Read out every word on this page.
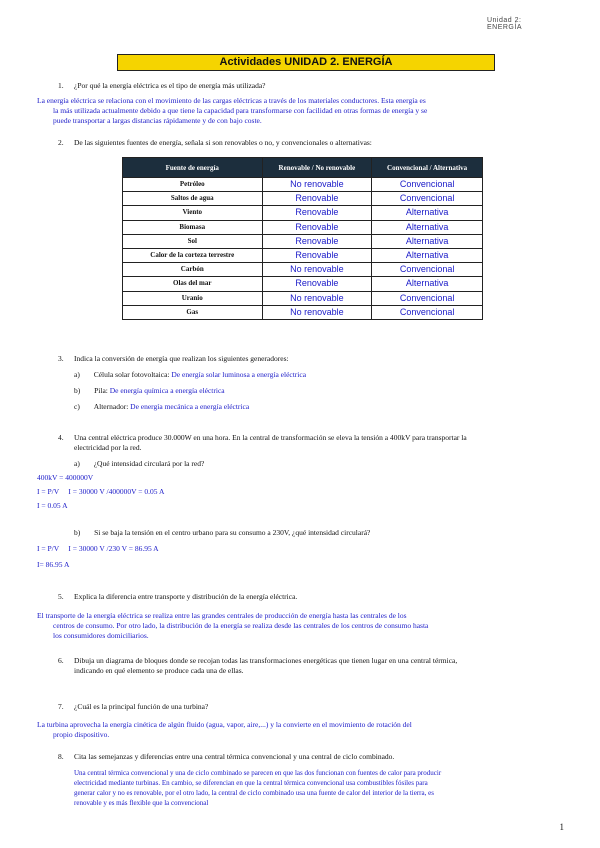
Unidad 2:
ENERGÍA
Actividades UNIDAD 2. ENERGÍA
1. ¿Por qué la energía eléctrica es el tipo de energía más utilizada?
La energía eléctrica se relaciona con el movimiento de las cargas eléctricas a través de los materiales conductores. Esta energía es
la más utilizada actualmente debido a que tiene la capacidad para transformarse con facilidad en otras formas de energía y se
puede transportar a largas distancias rápidamente y de con bajo coste.
2. De las siguientes fuentes de energía, señala si son renovables o no, y convencionales o alternativas:
Fuente de energía	Renovable / No renovable	Convencional / Alternativa
Petróleo	No renovable	Convencional
Saltos de agua	Renovable	Convencional
Viento	Renovable	Alternativa
Biomasa	Renovable	Alternativa
Sol	Renovable	Alternativa
Calor de la corteza terrestre	Renovable	Alternativa
Carbón	No renovable	Convencional
Olas del mar	Renovable	Alternativa
Uranio	No renovable	Convencional
Gas	No renovable	Convencional
3. Indica la conversión de energía que realizan los siguientes generadores:
a) Célula solar fotovoltaica: De energía solar luminosa a energía eléctrica
b) Pila: De energía química a energía eléctrica
c) Alternador: De energía mecánica a energía eléctrica
4. Una central eléctrica produce 30.000W en una hora. En la central de transformación se eleva la tensión a 400kV para transportar la
electricidad por la red.
a) ¿Qué intensidad circulará por la red?
400kV = 400000V
I = P/V     I = 30000 V /400000V = 0.05 A
I = 0.05 A
b) Si se baja la tensión en el centro urbano para su consumo a 230V, ¿qué intensidad circulará?
I = P/V     I = 30000 V /230 V = 86.95 A
I= 86.95 A
5. Explica la diferencia entre transporte y distribución de la energía eléctrica.
El transporte de la energía eléctrica se realiza entre las grandes centrales de producción de energía hasta las centrales de los
centros de consumo. Por otro lado, la distribución de la energía se realiza desde las centrales de los centros de consumo hasta
los consumidores domiciliarios.
6. Dibuja un diagrama de bloques donde se recojan todas las transformaciones energéticas que tienen lugar en una central térmica,
indicando en qué elemento se produce cada una de ellas.
7. ¿Cuál es la principal función de una turbina?
La turbina aprovecha la energía cinética de algún fluido (agua, vapor, aire,...) y la convierte en el movimiento de rotación del
propio dispositivo.
8. Cita las semejanzas y diferencias entre una central térmica convencional y una central de ciclo combinado.
Una central térmica convencional y una de ciclo combinado se parecen en que las dos funcionan con fuentes de calor para producir
electricidad mediante turbinas. En cambio, se diferencian en que la central térmica convencional usa combustibles fósiles para
generar calor y no es renovable, por el otro lado, la central de ciclo combinado usa una fuente de calor del interior de la tierra, es
renovable y es más flexible que la convencional
1
